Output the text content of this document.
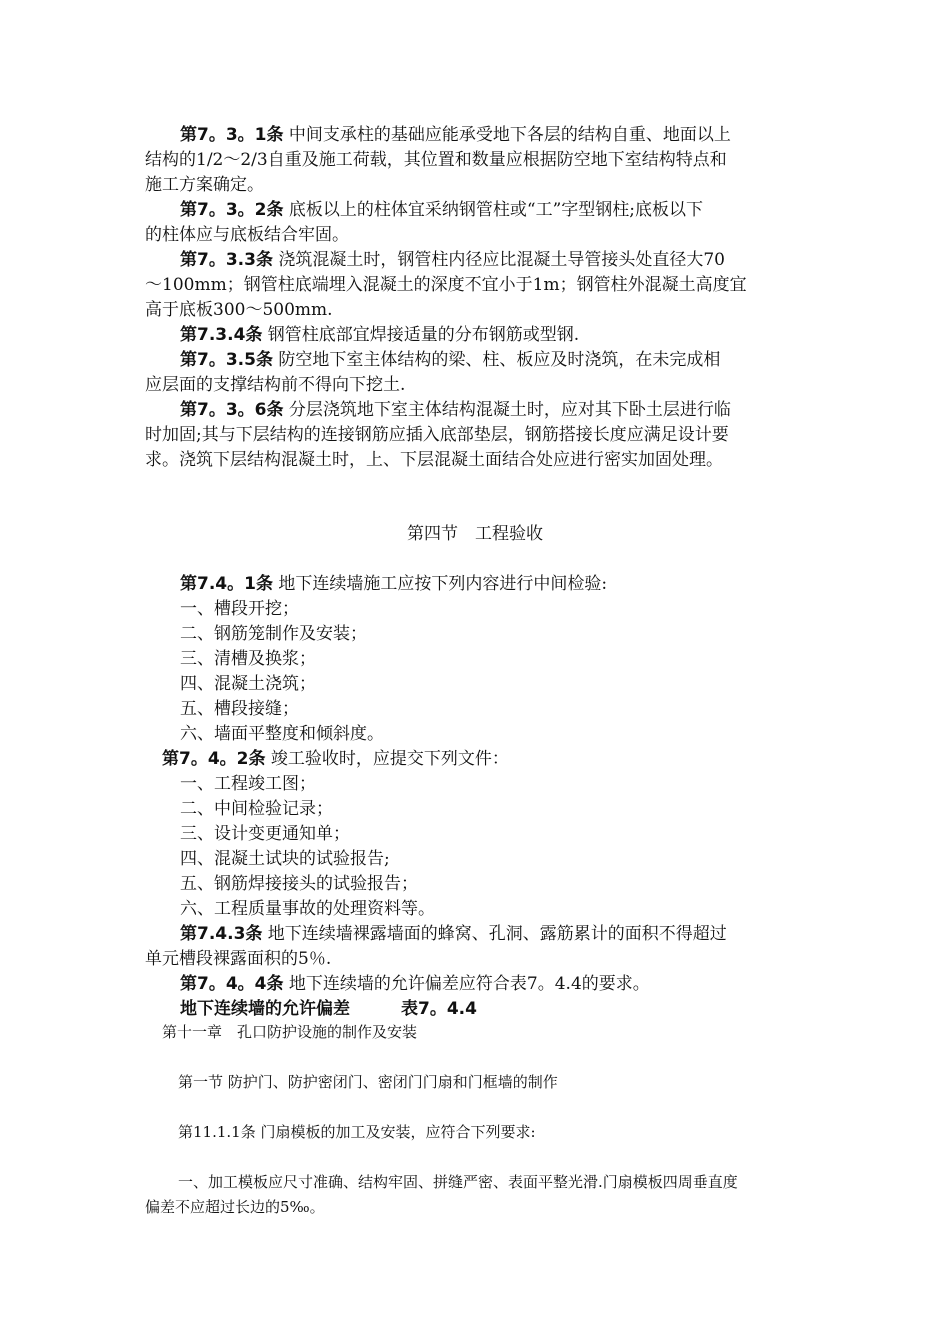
第7。3。1条 中间支承柱的基础应能承受地下各层的结构自重、地面以上
结构的1/2～2/3自重及施工荷载，其位置和数量应根据防空地下室结构特点和
施工方案确定。
第7。3。2条 底板以上的柱体宜采纳钢管柱或“工”字型钢柱;底板以下
的柱体应与底板结合牢固。
第7。3.3条 浇筑混凝土时，钢管柱内径应比混凝土导管接头处直径大70
～100mm；钢管柱底端埋入混凝土的深度不宜小于1m；钢管柱外混凝土高度宜
高于底板300～500mm.
第7.3.4条 钢管柱底部宜焊接适量的分布钢筋或型钢.
第7。3.5条 防空地下室主体结构的梁、柱、板应及时浇筑，在未完成相
应层面的支撑结构前不得向下挖土.
第7。3。6条 分层浇筑地下室主体结构混凝土时，应对其下卧土层进行临
时加固;其与下层结构的连接钢筋应插入底部垫层，钢筋搭接长度应满足设计要
求。浇筑下层结构混凝土时，上、下层混凝土面结合处应进行密实加固处理。
第四节　工程验收
第7.4。1条 地下连续墙施工应按下列内容进行中间检验:
一、槽段开挖；
二、钢筋笼制作及安装；
三、清槽及换浆；
四、混凝土浇筑；
五、槽段接缝；
六、墙面平整度和倾斜度。
第7。4。2条 竣工验收时，应提交下列文件：
一、工程竣工图；
二、中间检验记录；
三、设计变更通知单；
四、混凝土试块的试验报告;
五、钢筋焊接接头的试验报告；
六、工程质量事故的处理资料等。
第7.4.3条 地下连续墙裸露墙面的蜂窝、孔洞、露筋累计的面积不得超过
单元槽段裸露面积的5％.
第7。4。4条 地下连续墙的允许偏差应符合表7。4.4的要求。
地下连续墙的允许偏差　　　表7。4.4
第十一章　孔口防护设施的制作及安装
第一节 防护门、防护密闭门、密闭门门扇和门框墙的制作
第11.1.1条 门扇模板的加工及安装，应符合下列要求:
一、加工模板应尺寸准确、结构牢固、拼缝严密、表面平整光滑.门扇模板四周垂直度
偏差不应超过长边的5‰。
